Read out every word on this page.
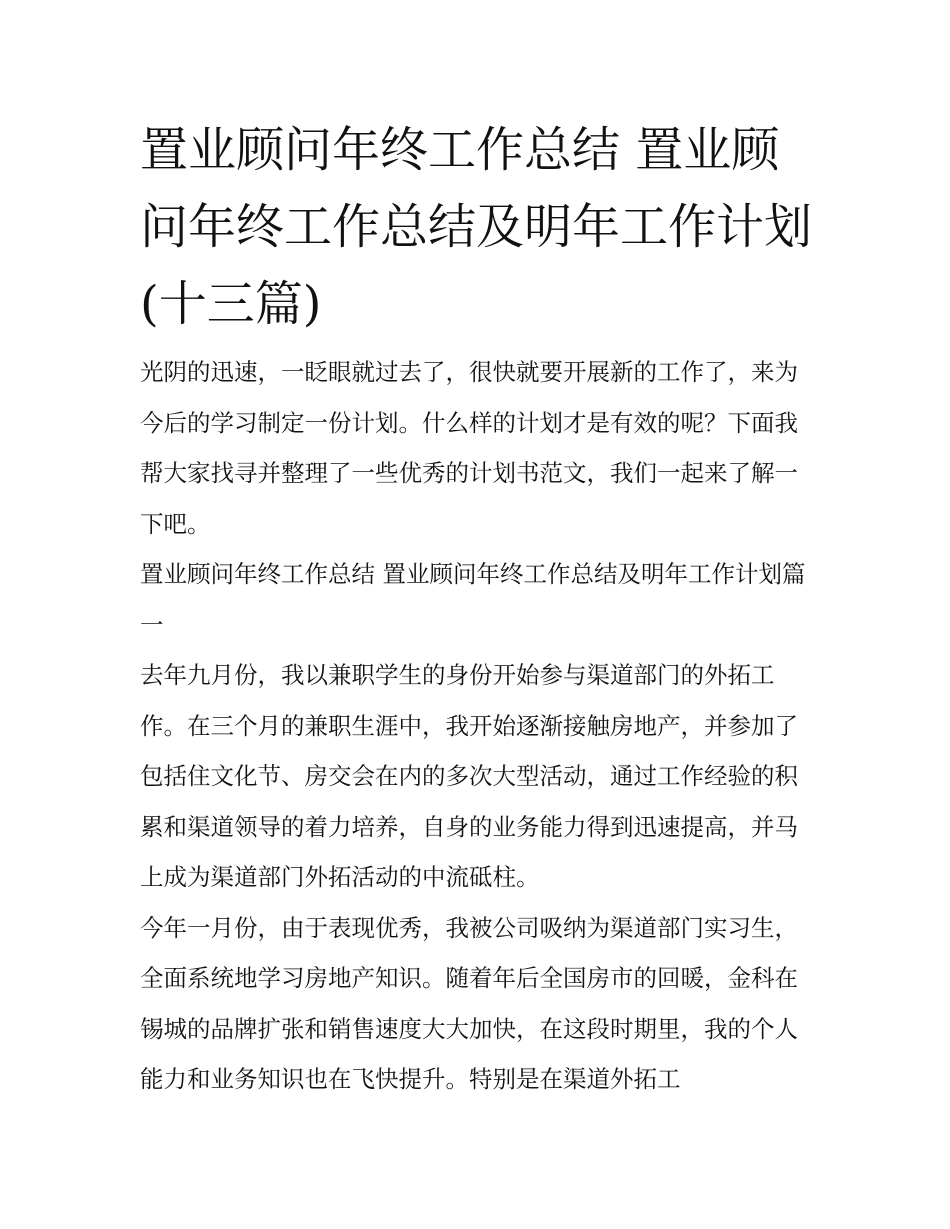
置业顾问年终工作总结 置业顾问年终工作总结及明年工作计划(十三篇)

光阴的迅速，一眨眼就过去了，很快就要开展新的工作了，来为今后的学习制定一份计划。什么样的计划才是有效的呢？下面我帮大家找寻并整理了一些优秀的计划书范文，我们一起来了解一下吧。

置业顾问年终工作总结 置业顾问年终工作总结及明年工作计划篇一

去年九月份，我以兼职学生的身份开始参与渠道部门的外拓工作。在三个月的兼职生涯中，我开始逐渐接触房地产，并参加了包括住文化节、房交会在内的多次大型活动，通过工作经验的积累和渠道领导的着力培养，自身的业务能力得到迅速提高，并马上成为渠道部门外拓活动的中流砥柱。

今年一月份，由于表现优秀，我被公司吸纳为渠道部门实习生，全面系统地学习房地产知识。随着年后全国房市的回暖，金科在锡城的品牌扩张和销售速度大大加快，在这段时期里，我的个人能力和业务知识也在飞快提升。特别是在渠道外拓工
